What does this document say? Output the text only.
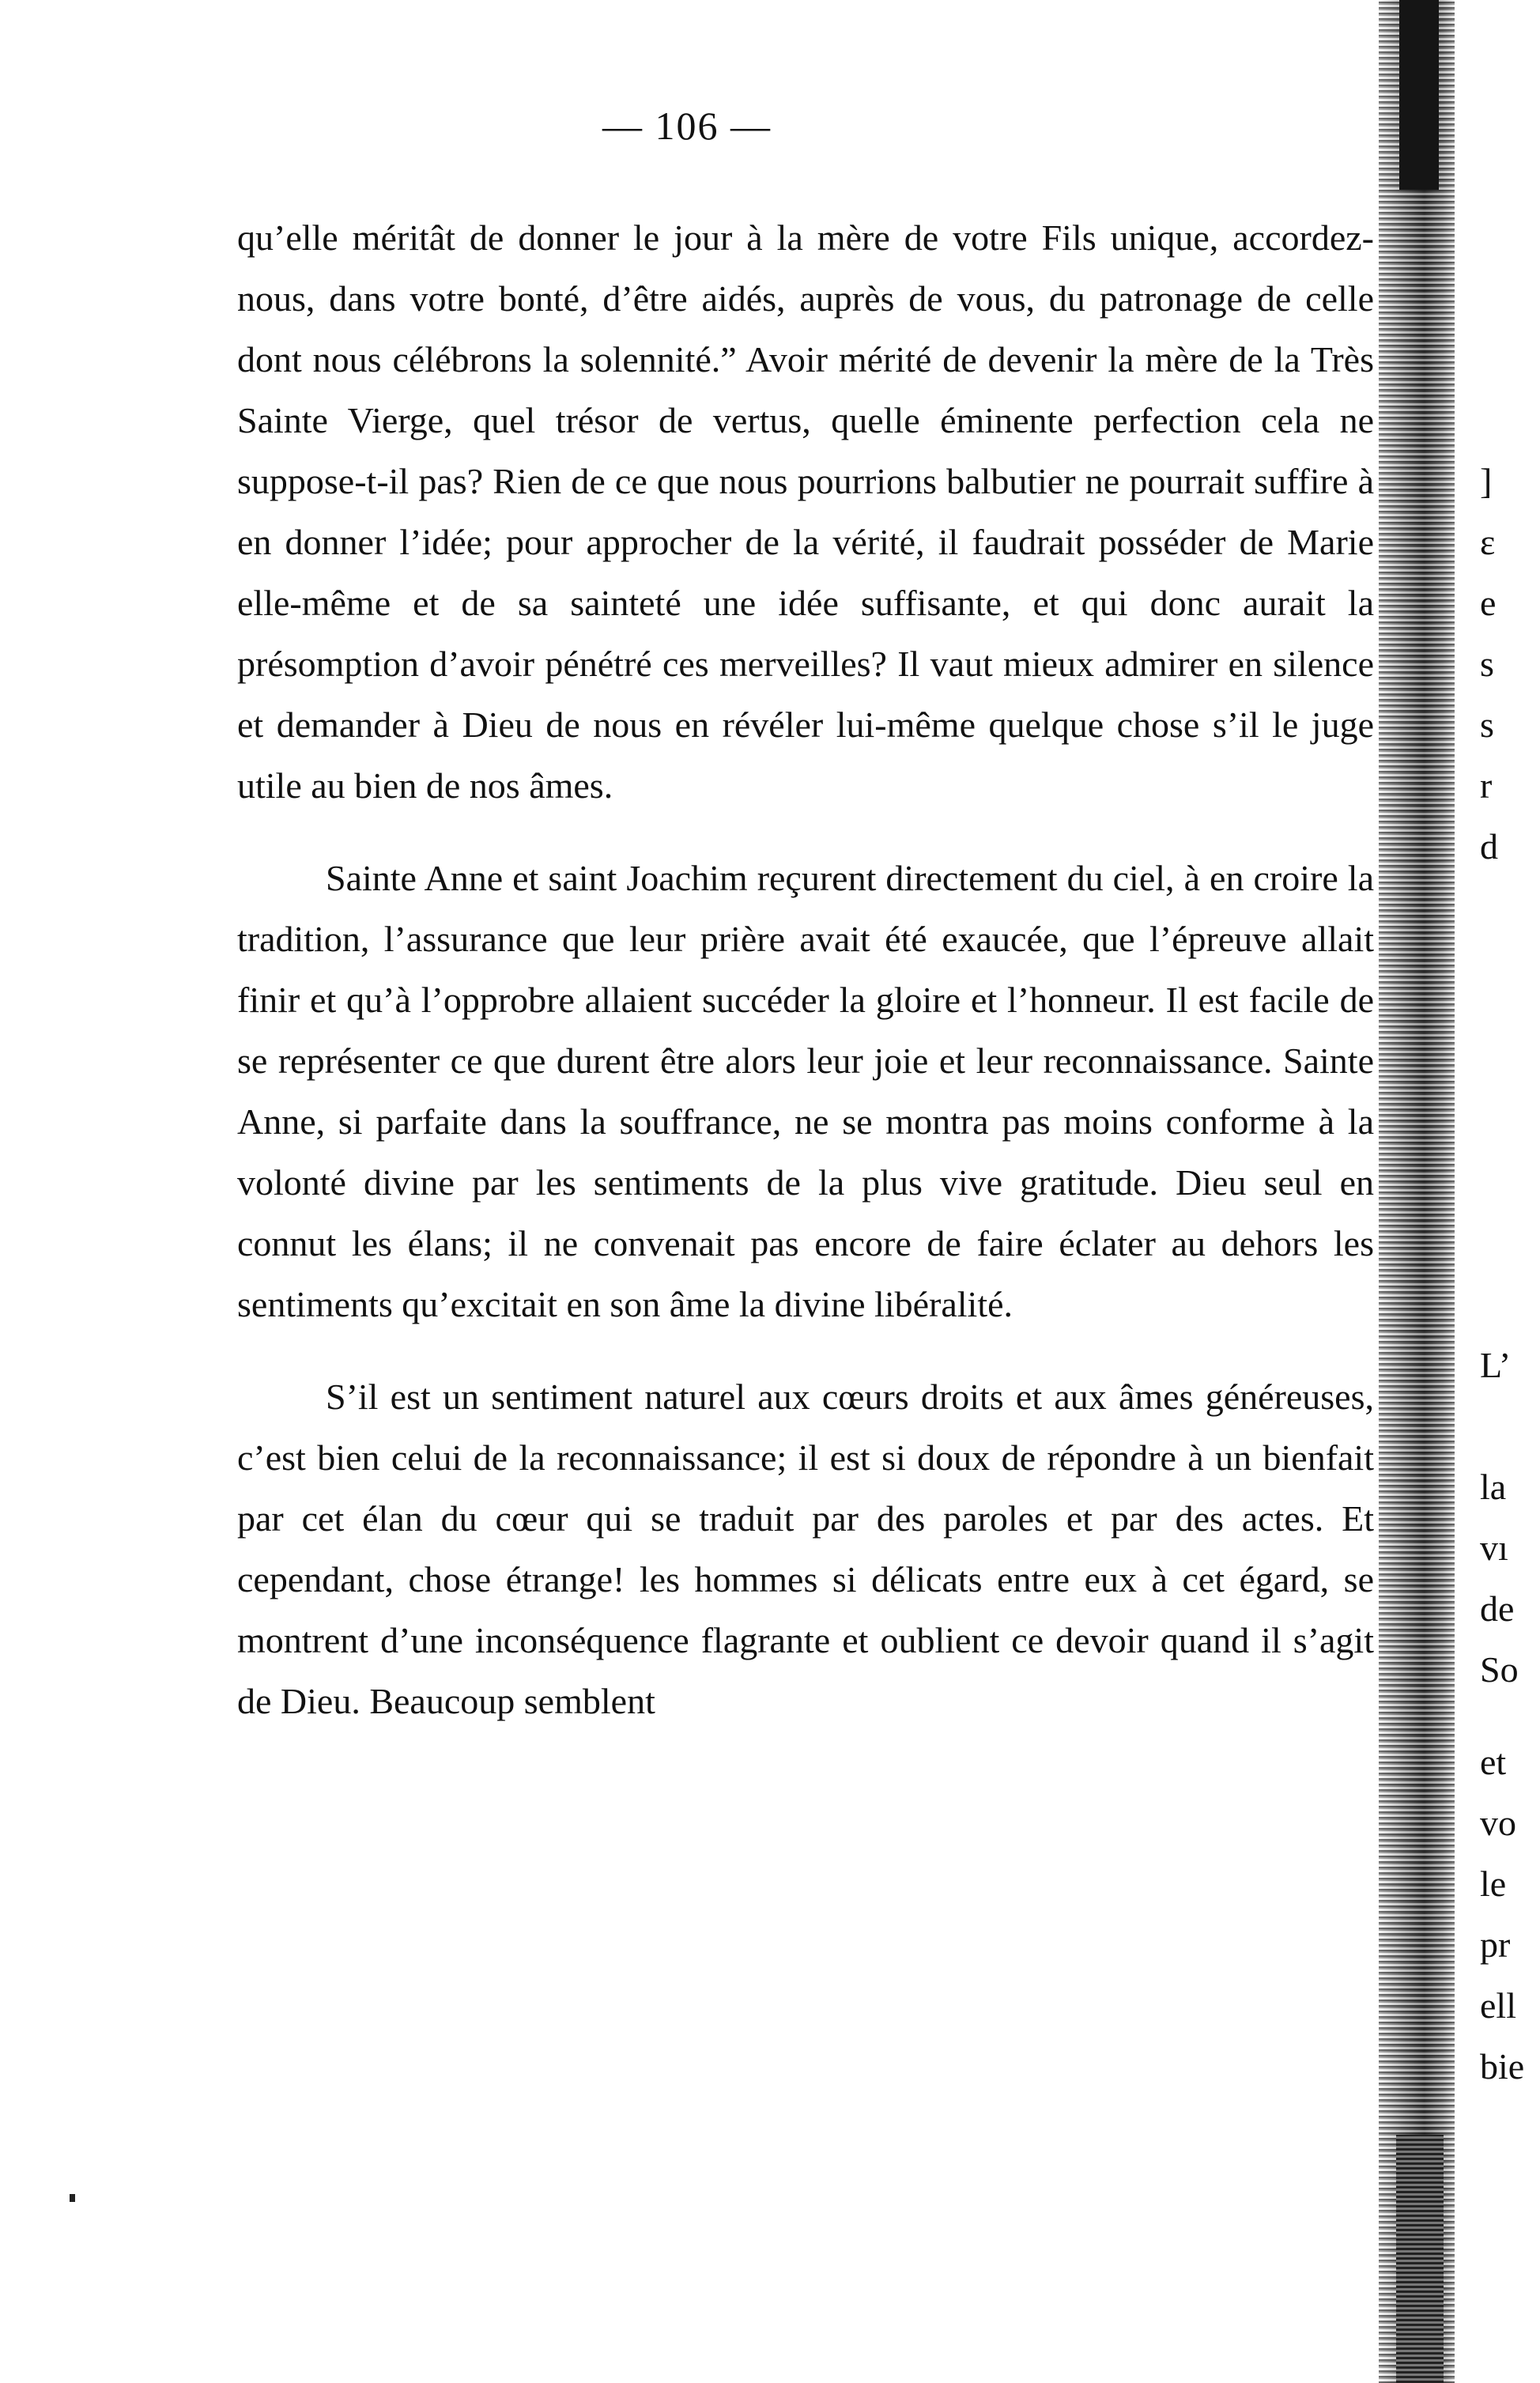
— 106 —

qu’elle méritât de donner le jour à la mère de votre Fils unique, accordez-nous, dans votre bonté, d’être aidés, auprès de vous, du patronage de celle dont nous célébrons la solennité.” Avoir mérité de devenir la mère de la Très Sainte Vierge, quel trésor de vertus, quelle éminente perfection cela ne suppose-t-il pas? Rien de ce que nous pourrions balbutier ne pourrait suffire à en donner l’idée; pour approcher de la vérité, il faudrait posséder de Marie elle-même et de sa sainteté une idée suffisante, et qui donc aurait la présomption d’avoir pénétré ces merveilles? Il vaut mieux admirer en silence et demander à Dieu de nous en révéler lui-même quelque chose s’il le juge utile au bien de nos âmes.

Sainte Anne et saint Joachim reçurent directement du ciel, à en croire la tradition, l’assurance que leur prière avait été exaucée, que l’épreuve allait finir et qu’à l’opprobre allaient succéder la gloire et l’honneur. Il est facile de se représenter ce que durent être alors leur joie et leur reconnaissance. Sainte Anne, si parfaite dans la souffrance, ne se montra pas moins conforme à la volonté divine par les sentiments de la plus vive gratitude. Dieu seul en connut les élans; il ne convenait pas encore de faire éclater au dehors les sentiments qu’excitait en son âme la divine libéralité.

S’il est un sentiment naturel aux cœurs droits et aux âmes généreuses, c’est bien celui de la reconnaissance; il est si doux de répondre à un bienfait par cet élan du cœur qui se traduit par des paroles et par des actes. Et cependant, chose étrange! les hommes si délicats entre eux à cet égard, se montrent d’une inconséquence flagrante et oublient ce devoir quand il s’agit de Dieu. Beaucoup semblent

]
ε
e
s
s
r
d
L’
la
vı
de
So
et
vo
le
pr
ell
bie
